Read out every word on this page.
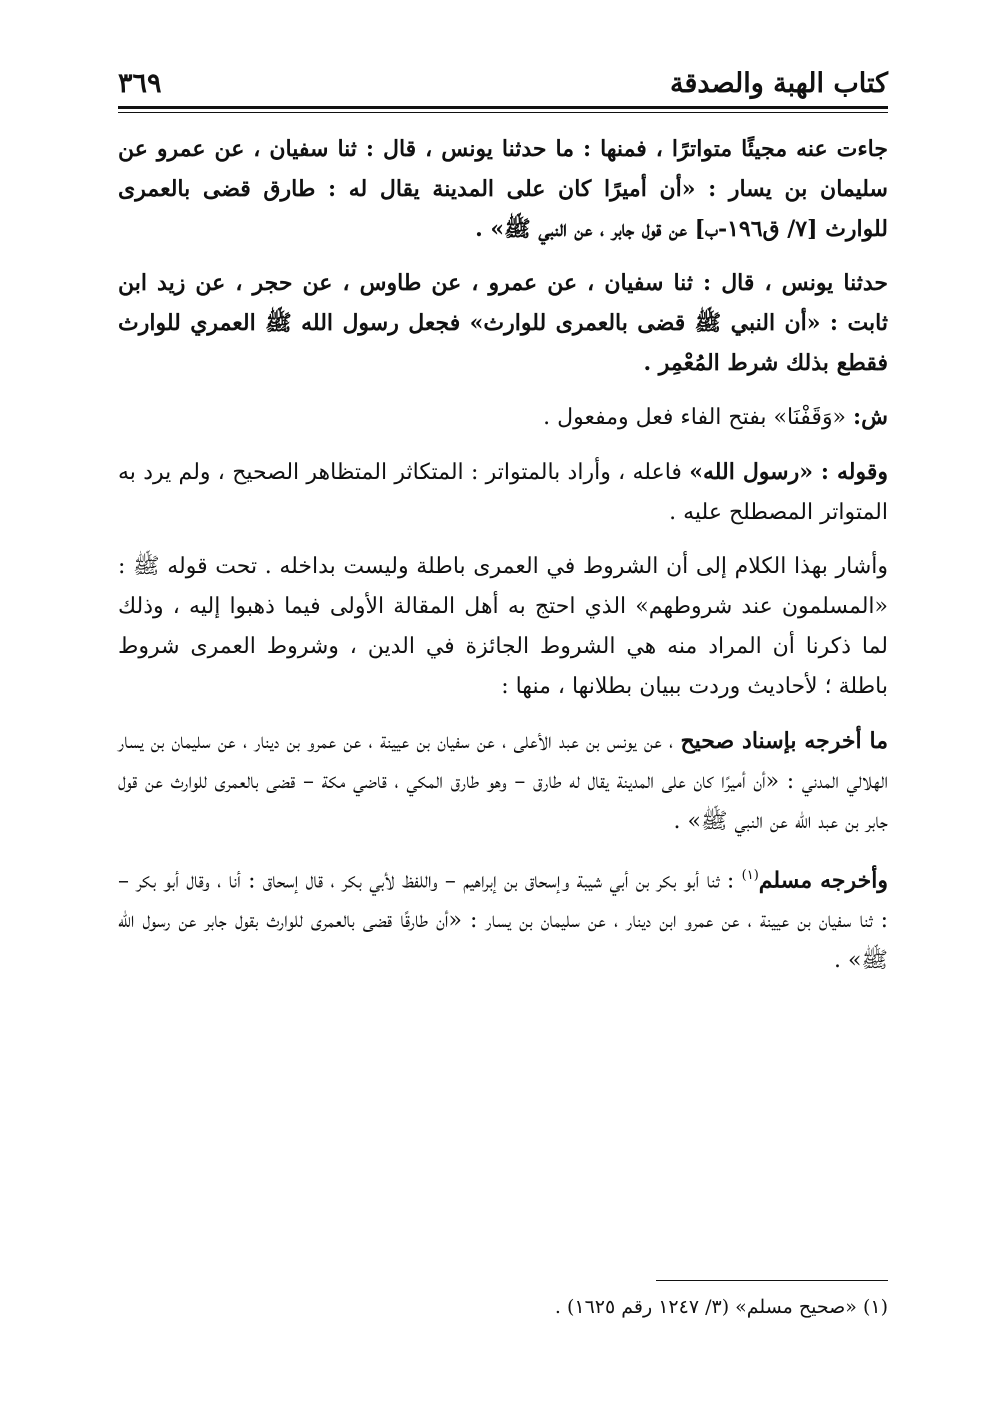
كتاب الهبة والصدقة
٣٦٩

جاءت عنه مجيئًا متواترًا ، فمنها : ما حدثنا يونس ، قال : ثنا سفيان ، عن عمرو عن سليمان بن يسار : «أن أميرًا كان على المدينة يقال له : طارق قضى بالعمرى للوارث [٧/ ق١٩٦-ب] عن قول جابر ، عن النبي ﷺ» .

حدثنا يونس ، قال : ثنا سفيان ، عن عمرو ، عن طاوس ، عن حجر ، عن زيد ابن ثابت : «أن النبي ﷺ قضى بالعمرى للوارث» فجعل رسول الله ﷺ العمري للوارث فقطع بذلك شرط المُعْمِر .

ش: «وَقَفْنَا» بفتح الفاء فعل ومفعول .

وقوله : «رسول الله» فاعله ، وأراد بالمتواتر : المتكاثر المتظاهر الصحيح ، ولم يرد به المتواتر المصطلح عليه .

وأشار بهذا الكلام إلى أن الشروط في العمرى باطلة وليست بداخله . تحت قوله ﷺ : «المسلمون عند شروطهم» الذي احتج به أهل المقالة الأولى فيما ذهبوا إليه ، وذلك لما ذكرنا أن المراد منه هي الشروط الجائزة في الدين ، وشروط العمرى شروط باطلة ؛ لأحاديث وردت ببيان بطلانها ، منها :

ما أخرجه بإسناد صحيح ، عن يونس بن عبد الأعلى ، عن سفيان بن عيينة ، عن عمرو بن دينار ، عن سليمان بن يسار الهلالي المدني : «أن أميرًا كان على المدينة يقال له طارق – وهو طارق المكي ، قاضي مكة – قضى بالعمرى للوارث عن قول جابر بن عبد الله عن النبي ﷺ» .

وأخرجه مسلم$^{(١)}$ : ثنا أبو بكر بن أبي شيبة وإسحاق بن إبراهيم – واللفظ لأبي بكر ، قال إسحاق : أنا ، وقال أبو بكر – : ثنا سفيان بن عيينة ، عن عمرو ابن دينار ، عن سليمان بن يسار : «أن طارقًا قضى بالعمرى للوارث بقول جابر عن رسول الله ﷺ» .

(١) «صحيح مسلم» (٣/ ١٢٤٧ رقم ١٦٢٥) .
